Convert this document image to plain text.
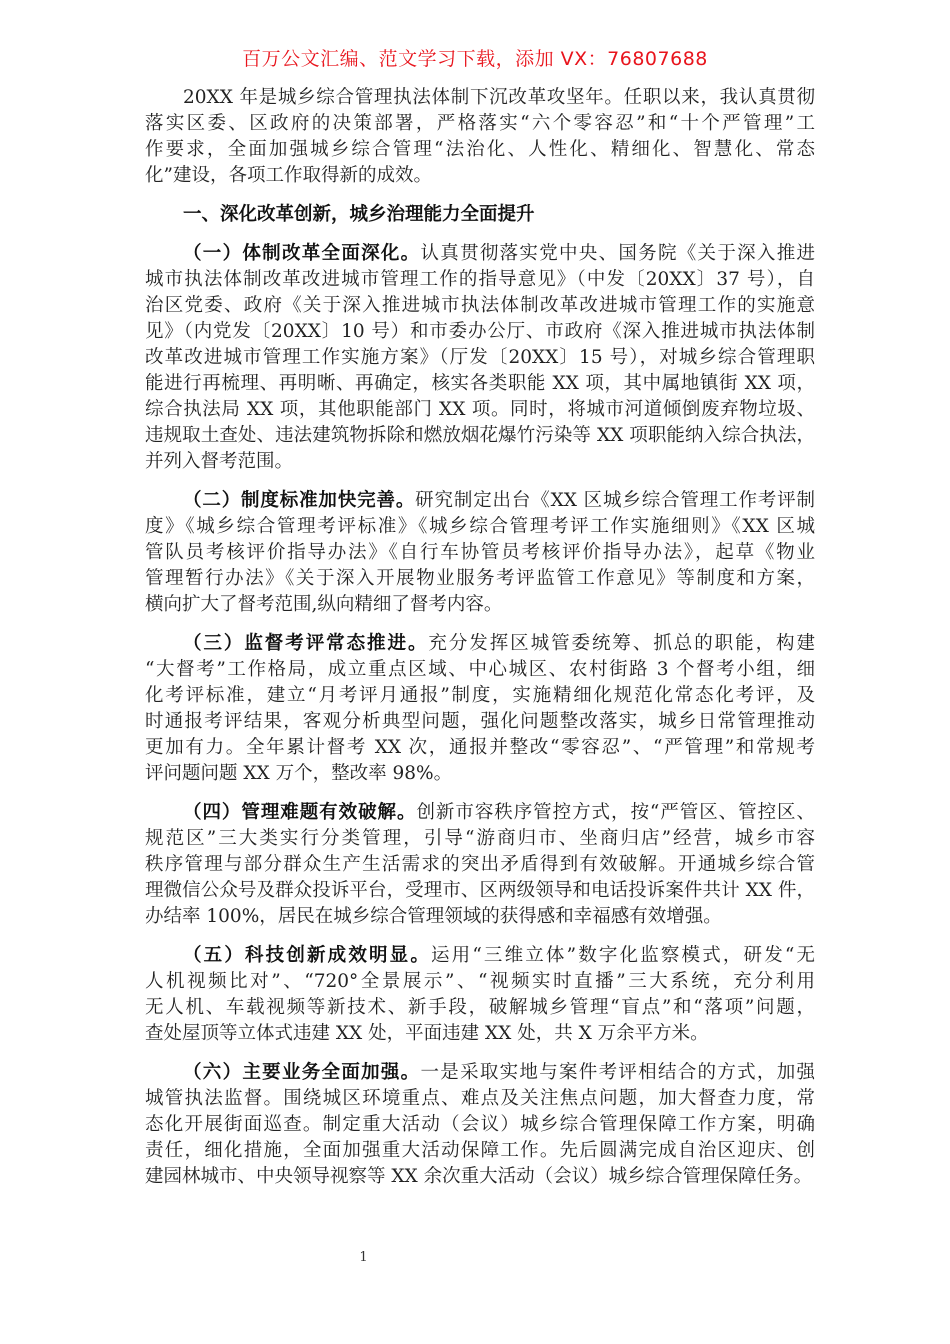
百万公文汇编、范文学习下载，添加 VX：76807688
20XX 年是城乡综合管理执法体制下沉改革攻坚年。任职以来，我认真贯彻
落实区委、区政府的决策部署，严格落实“六个零容忍”和“十个严管理”工
作要求，全面加强城乡综合管理“法治化、人性化、精细化、智慧化、常态
化”建设，各项工作取得新的成效。
一、深化改革创新，城乡治理能力全面提升
（一）体制改革全面深化。认真贯彻落实党中央、国务院《关于深入推进
城市执法体制改革改进城市管理工作的指导意见》（中发〔20XX〕37 号），自
治区党委、政府《关于深入推进城市执法体制改革改进城市管理工作的实施意
见》（内党发〔20XX〕10 号）和市委办公厅、市政府《深入推进城市执法体制
改革改进城市管理工作实施方案》（厅发〔20XX〕15 号），对城乡综合管理职
能进行再梳理、再明晰、再确定，核实各类职能 XX 项，其中属地镇街 XX 项，
综合执法局 XX 项，其他职能部门 XX 项。同时，将城市河道倾倒废弃物垃圾、
违规取土查处、违法建筑物拆除和燃放烟花爆竹污染等 XX 项职能纳入综合执法，
并列入督考范围。
（二）制度标准加快完善。研究制定出台《XX 区城乡综合管理工作考评制
度》《城乡综合管理考评标准》《城乡综合管理考评工作实施细则》《XX 区城
管队员考核评价指导办法》《自行车协管员考核评价指导办法》，起草《物业
管理暂行办法》《关于深入开展物业服务考评监管工作意见》等制度和方案，
横向扩大了督考范围,纵向精细了督考内容。
（三）监督考评常态推进。充分发挥区城管委统筹、抓总的职能，构建
“大督考”工作格局，成立重点区域、中心城区、农村街路 3 个督考小组，细
化考评标准，建立“月考评月通报”制度，实施精细化规范化常态化考评，及
时通报考评结果，客观分析典型问题，强化问题整改落实，城乡日常管理推动
更加有力。全年累计督考 XX 次，通报并整改“零容忍”、“严管理”和常规考
评问题问题 XX 万个，整改率 98%。
（四）管理难题有效破解。创新市容秩序管控方式，按“严管区、管控区、
规范区”三大类实行分类管理，引导“游商归市、坐商归店”经营，城乡市容
秩序管理与部分群众生产生活需求的突出矛盾得到有效破解。开通城乡综合管
理微信公众号及群众投诉平台，受理市、区两级领导和电话投诉案件共计 XX 件，
办结率 100%，居民在城乡综合管理领域的获得感和幸福感有效增强。
（五）科技创新成效明显。运用“三维立体”数字化监察模式，研发“无
人机视频比对”、“720°全景展示”、“视频实时直播”三大系统，充分利用
无人机、车载视频等新技术、新手段，破解城乡管理“盲点”和“落项”问题，
查处屋顶等立体式违建 XX 处，平面违建 XX 处，共 X 万余平方米。
（六）主要业务全面加强。一是采取实地与案件考评相结合的方式，加强
城管执法监督。围绕城区环境重点、难点及关注焦点问题，加大督查力度，常
态化开展街面巡查。制定重大活动（会议）城乡综合管理保障工作方案，明确
责任，细化措施，全面加强重大活动保障工作。先后圆满完成自治区迎庆、创
建园林城市、中央领导视察等 XX 余次重大活动（会议）城乡综合管理保障任务。
1
